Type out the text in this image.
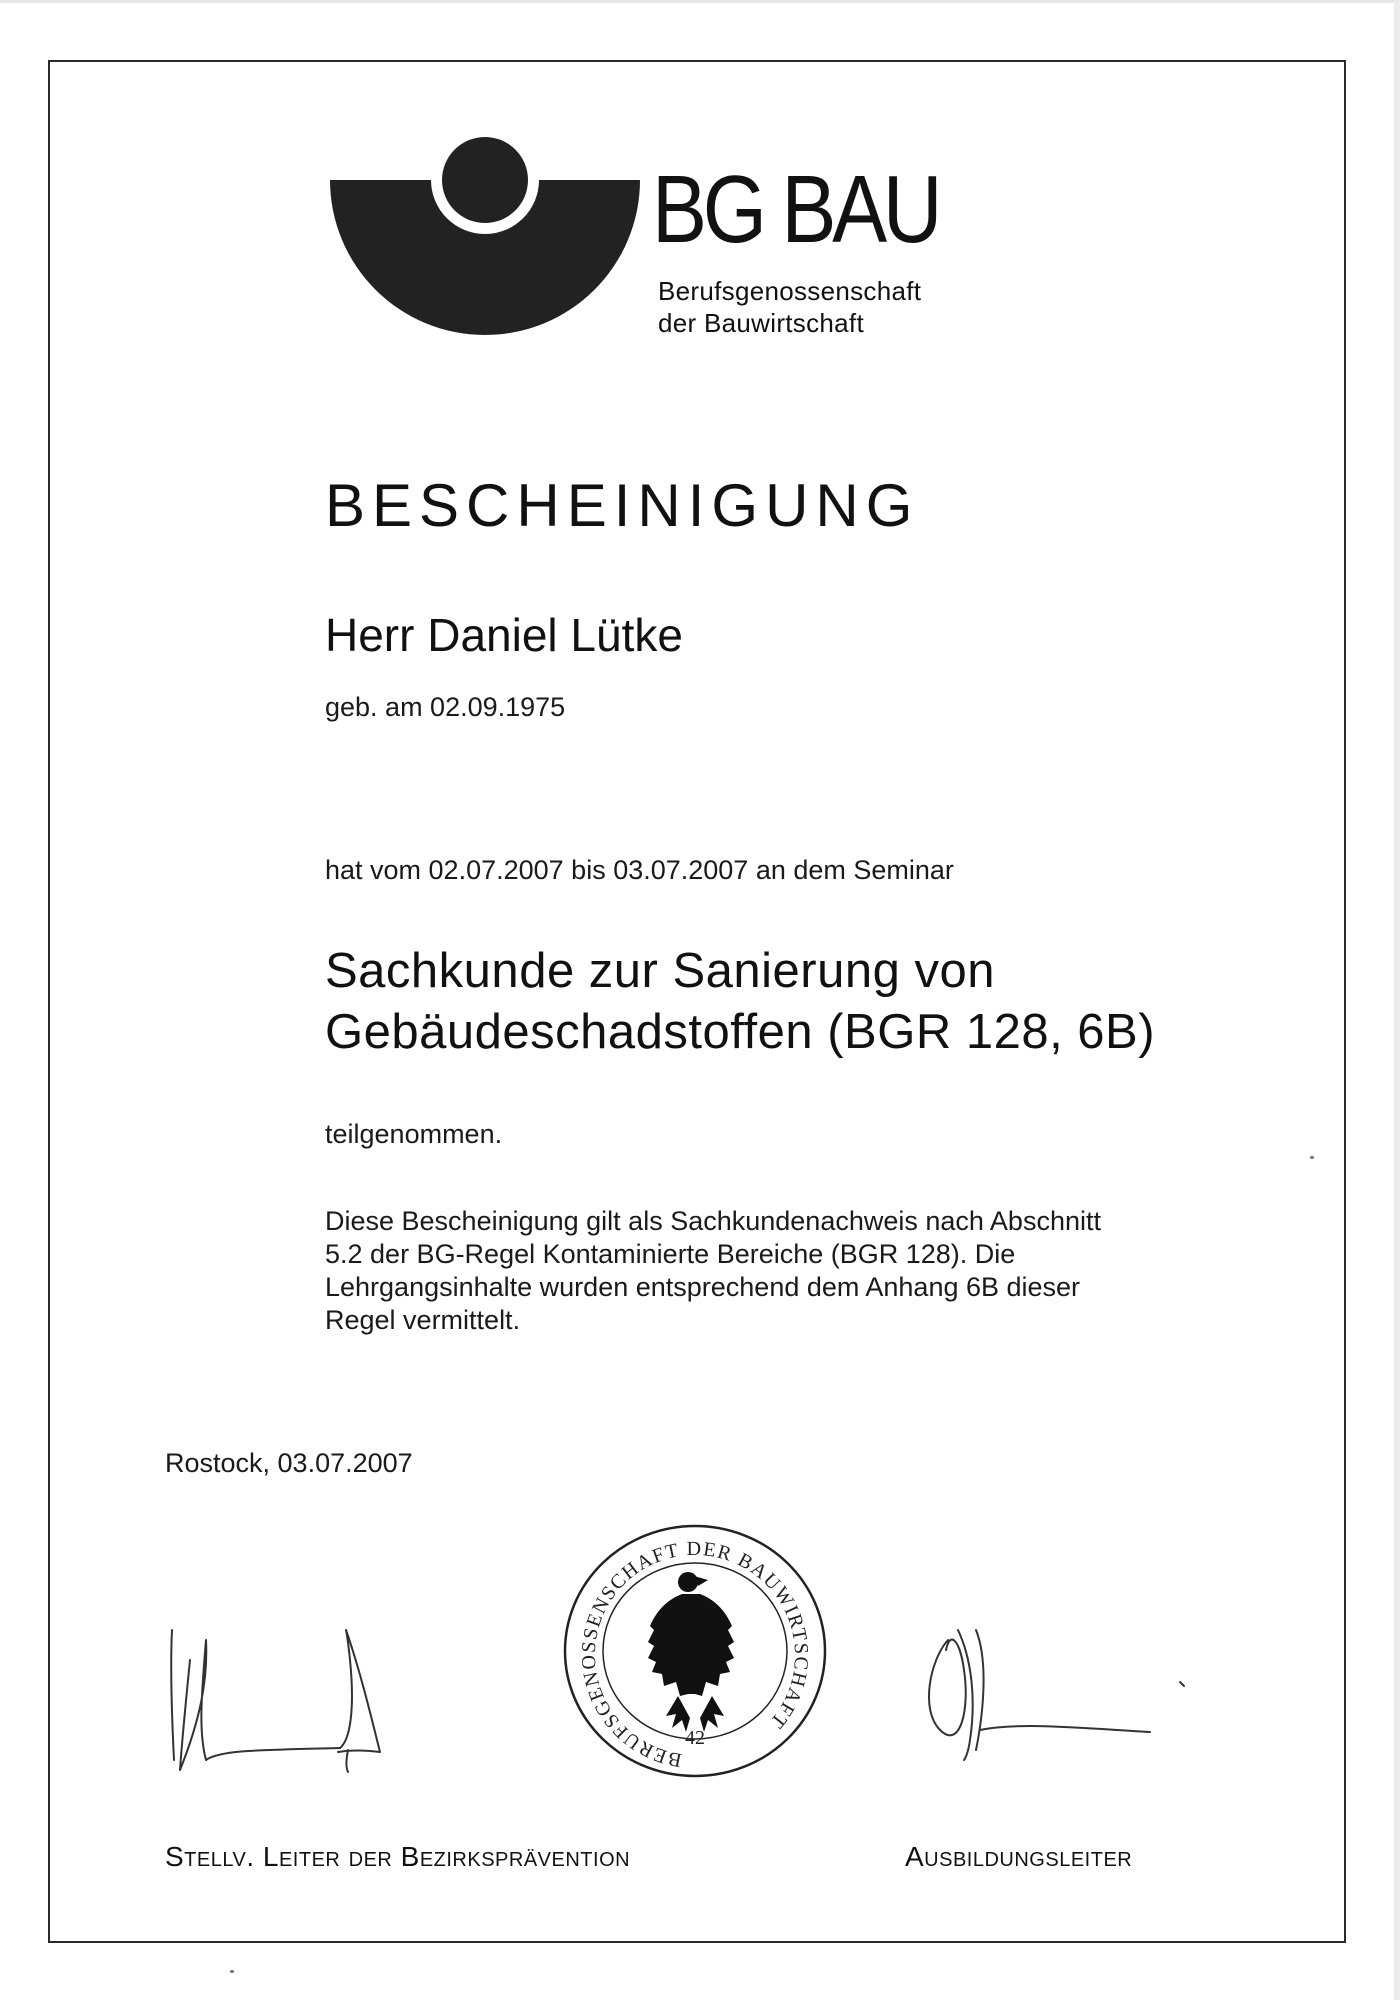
BG BAU
Berufsgenossenschaft
der Bauwirtschaft
BESCHEINIGUNG
Herr Daniel Lütke
geb. am 02.09.1975
hat vom 02.07.2007 bis 03.07.2007 an dem Seminar
Sachkunde zur Sanierung von
Gebäudeschadstoffen (BGR 128, 6B)
teilgenommen.
Diese Bescheinigung gilt als Sachkundenachweis nach Abschnitt
5.2 der BG-Regel Kontaminierte Bereiche (BGR 128). Die
Lehrgangsinhalte wurden entsprechend dem Anhang 6B dieser
Regel vermittelt.
Rostock, 03.07.2007
BERUFSGENOSSENSCHAFT DER BAUWIRTSCHAFT
42
Stellv. Leiter der Bezirksprävention	Ausbildungsleiter
